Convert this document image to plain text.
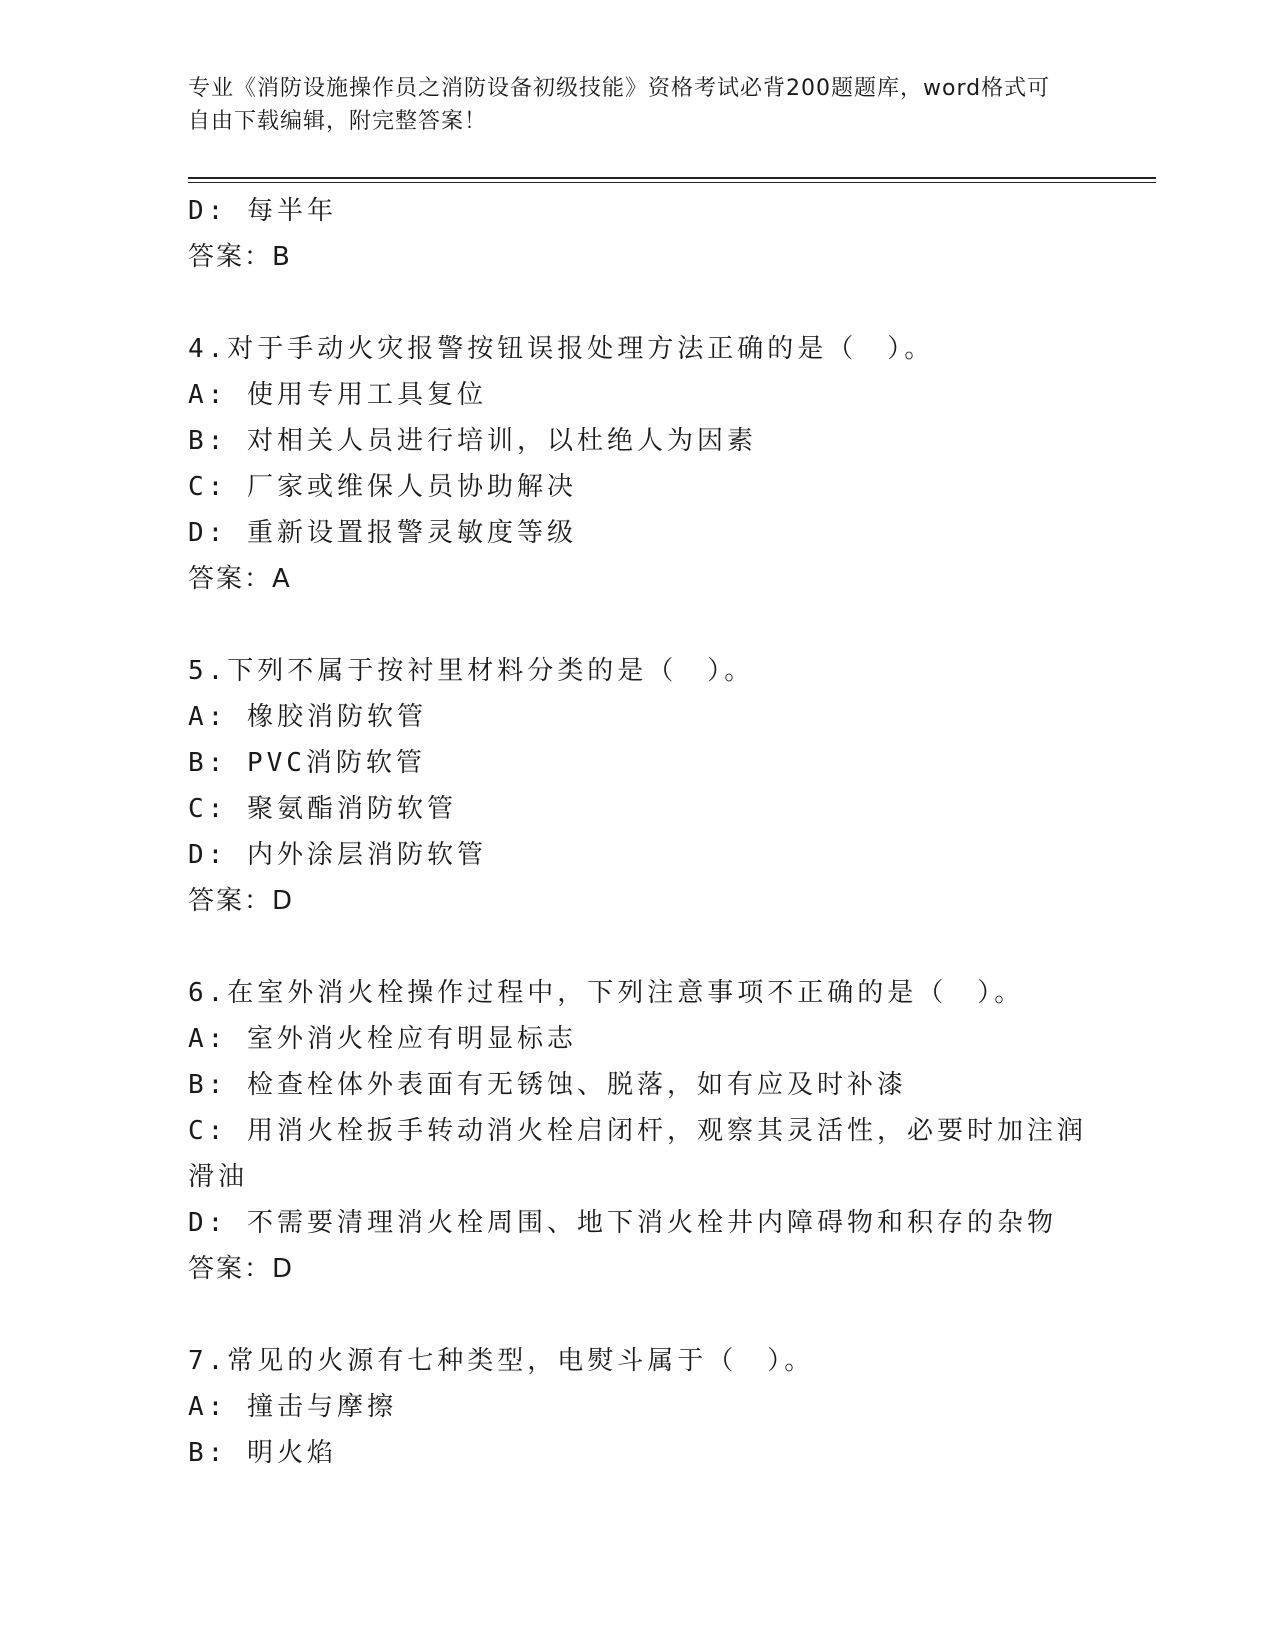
专业《消防设施操作员之消防设备初级技能》资格考试必背200题题库，word格式可自由下载编辑，附完整答案！
D: 每半年
答案：B
4.对于手动火灾报警按钮误报处理方法正确的是（　）。
A: 使用专用工具复位
B: 对相关人员进行培训，以杜绝人为因素
C: 厂家或维保人员协助解决
D: 重新设置报警灵敏度等级
答案：A
5.下列不属于按衬里材料分类的是（　）。
A: 橡胶消防软管
B: PVC消防软管
C: 聚氨酯消防软管
D: 内外涂层消防软管
答案：D
6.在室外消火栓操作过程中，下列注意事项不正确的是（　）。
A: 室外消火栓应有明显标志
B: 检查栓体外表面有无锈蚀、脱落，如有应及时补漆
C: 用消火栓扳手转动消火栓启闭杆，观察其灵活性，必要时加注润滑油
D: 不需要清理消火栓周围、地下消火栓井内障碍物和积存的杂物
答案：D
7.常见的火源有七种类型，电熨斗属于（　）。
A: 撞击与摩擦
B: 明火焰
